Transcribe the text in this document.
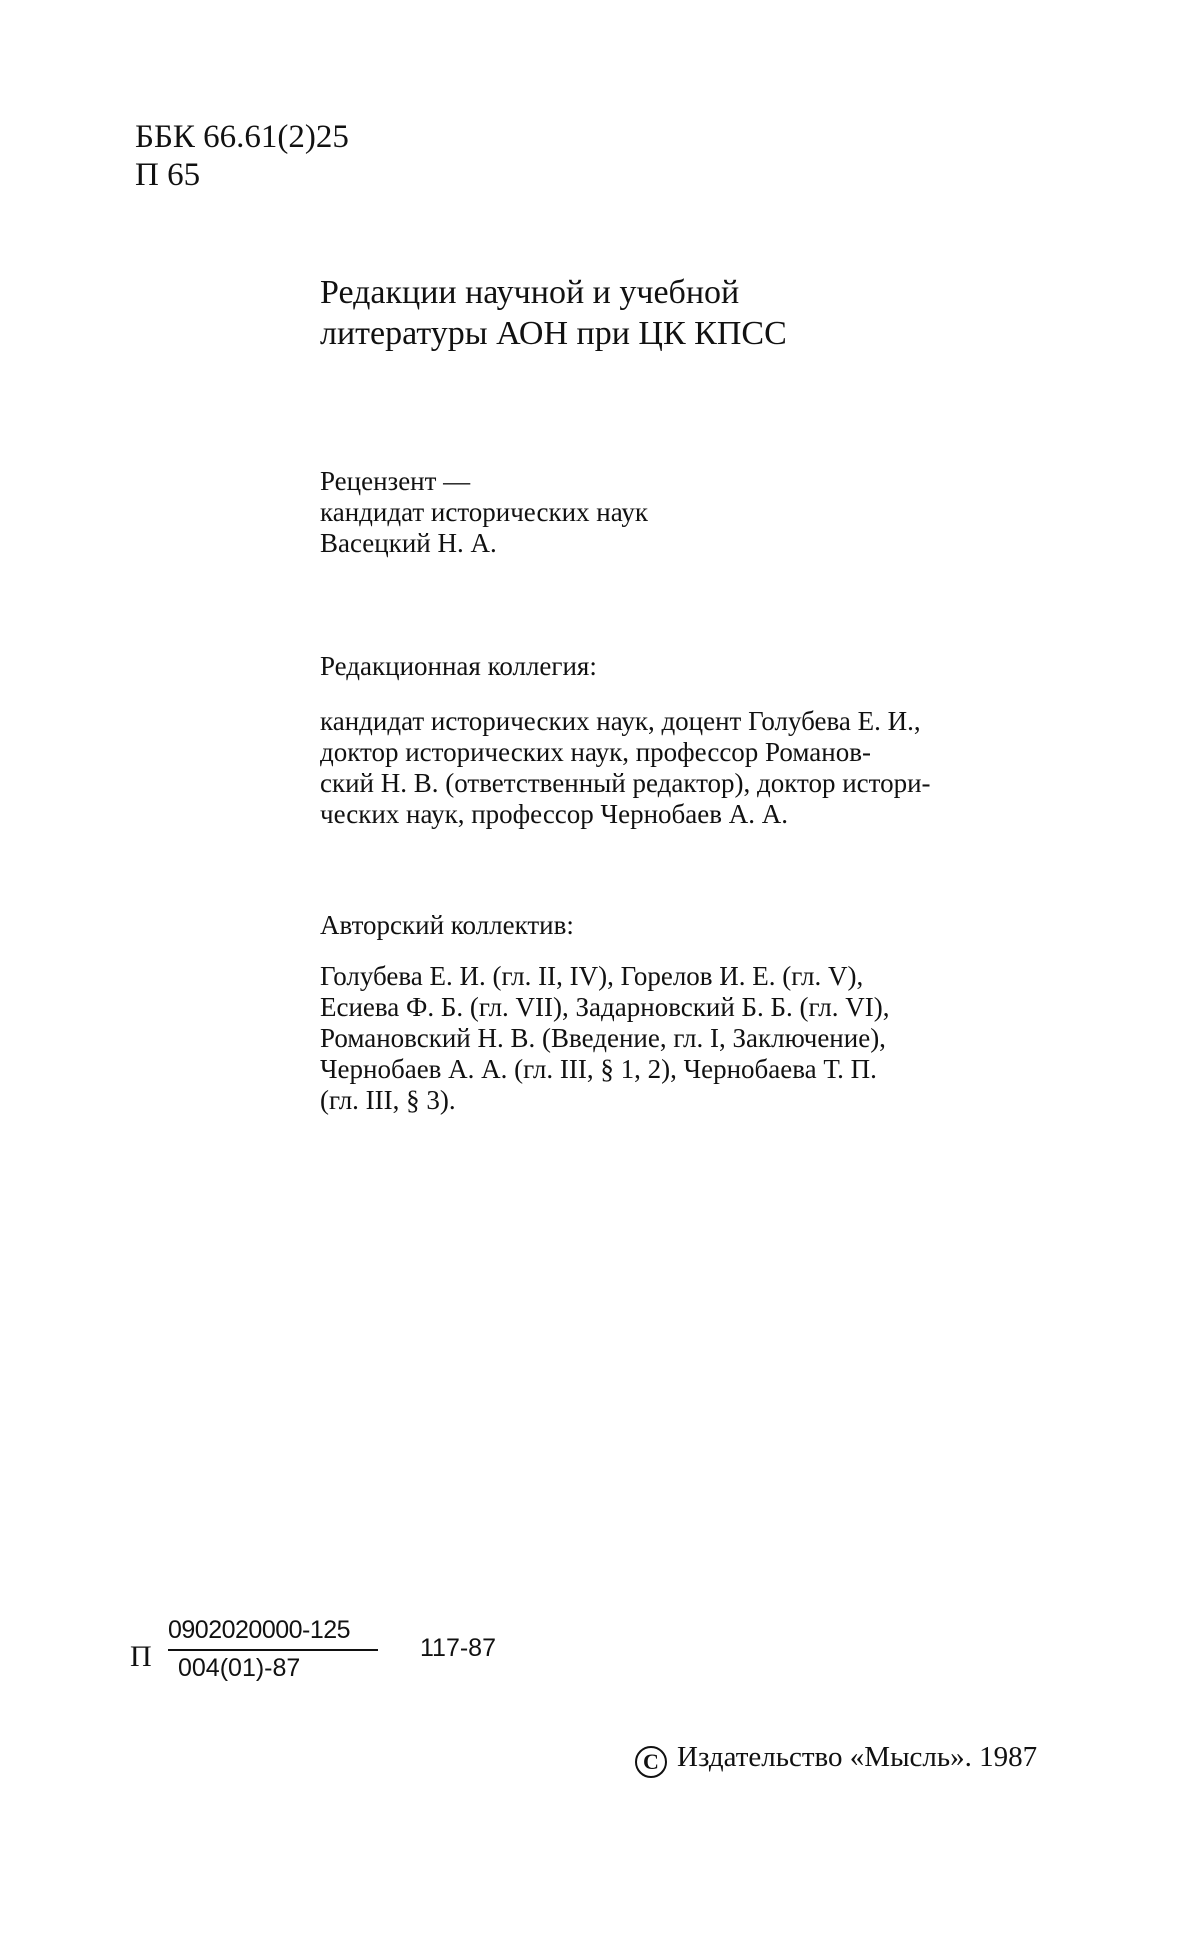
ББК 66.61(2)25
П 65
Редакции научной и учебной
литературы АОН при ЦК КПСС
Рецензент —
кандидат исторических наук
Васецкий Н. А.
Редакционная коллегия:
кандидат исторических наук, доцент Голубева Е. И.,
доктор исторических наук, профессор Романов-
ский Н. В. (ответственный редактор), доктор истори-
ческих наук, профессор Чернобаев А. А.
Авторский коллектив:
Голубева Е. И. (гл. II, IV), Горелов И. Е. (гл. V),
Есиева Ф. Б. (гл. VII), Задарновский Б. Б. (гл. VI),
Романовский Н. В. (Введение, гл. I, Заключение),
Чернобаев А. А. (гл. III, § 1, 2), Чернобаева Т. П.
(гл. III, § 3).
П
0902020000-125
004(01)-87
117-87
C Издательство «Мысль». 1987
